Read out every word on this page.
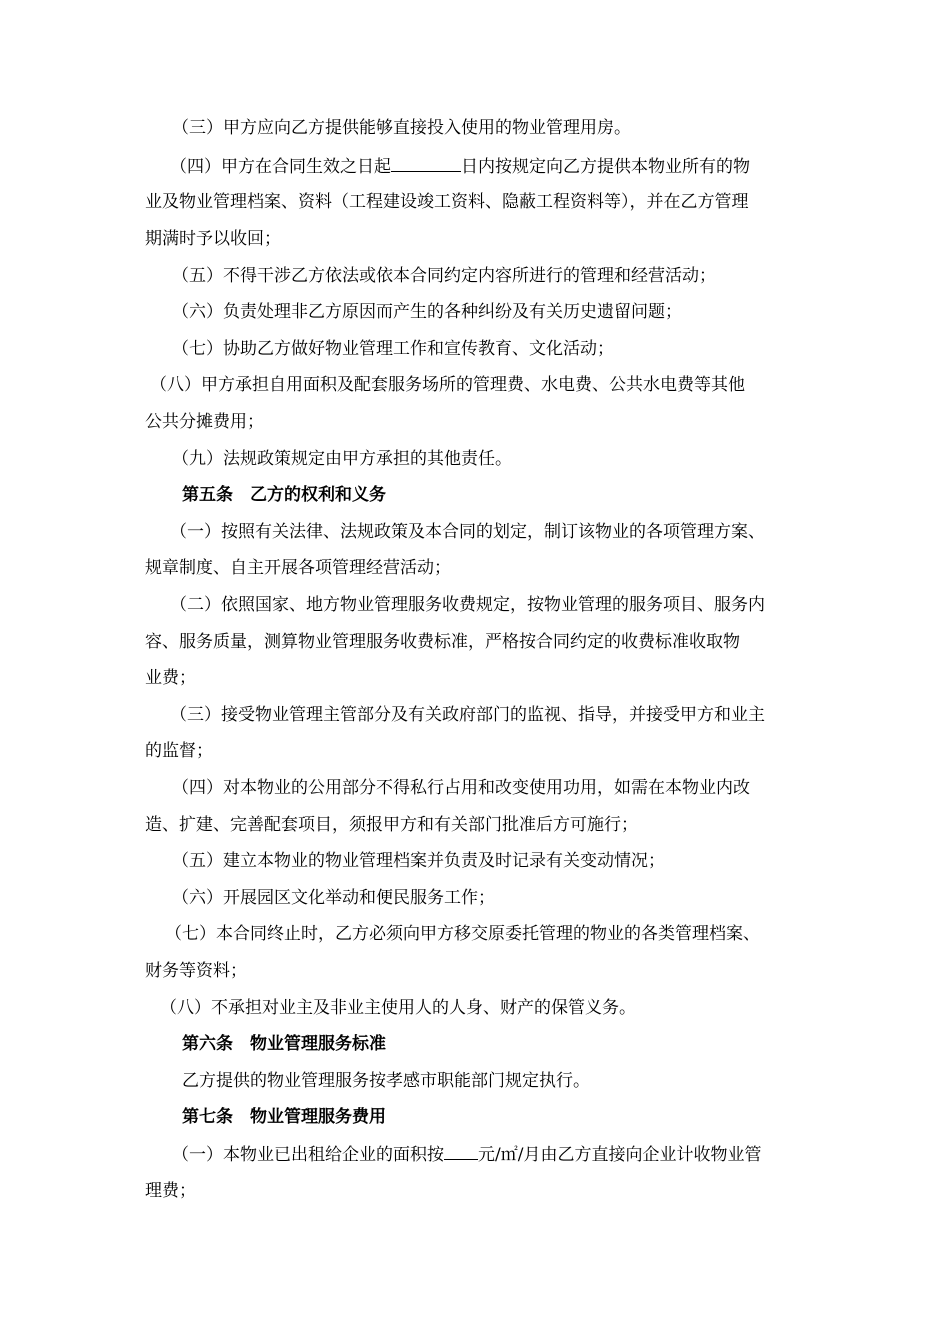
（三）甲方应向乙方提供能够直接投入使用的物业管理用房。
（四）甲方在合同生效之日起	日内按规定向乙方提供本物业所有的物
业及物业管理档案、资料（工程建设竣工资料、隐蔽工程资料等），并在乙方管理
期满时予以收回；
（五）不得干涉乙方依法或依本合同约定内容所进行的管理和经营活动；
（六）负责处理非乙方原因而产生的各种纠纷及有关历史遗留问题；
（七）协助乙方做好物业管理工作和宣传教育、文化活动；
（八）甲方承担自用面积及配套服务场所的管理费、水电费、公共水电费等其他
公共分摊费用；
（九）法规政策规定由甲方承担的其他责任。
第五条　乙方的权利和义务
（一）按照有关法律、法规政策及本合同的划定，制订该物业的各项管理方案、
规章制度、自主开展各项管理经营活动；
（二）依照国家、地方物业管理服务收费规定，按物业管理的服务项目、服务内
容、服务质量，测算物业管理服务收费标准，严格按合同约定的收费标准收取物
业费；
（三）接受物业管理主管部分及有关政府部门的监视、指导，并接受甲方和业主
的监督；
（四）对本物业的公用部分不得私行占用和改变使用功用，如需在本物业内改
造、扩建、完善配套项目，须报甲方和有关部门批准后方可施行；
（五）建立本物业的物业管理档案并负责及时记录有关变动情况；
（六）开展园区文化举动和便民服务工作；
（七）本合同终止时，乙方必须向甲方移交原委托管理的物业的各类管理档案、
财务等资料；
（八）不承担对业主及非业主使用人的人身、财产的保管义务。
第六条　物业管理服务标准
乙方提供的物业管理服务按孝感市职能部门规定执行。
第七条　物业管理服务费用
（一）本物业已出租给企业的面积按 元/㎡/月由乙方直接向企业计收物业管
理费；
